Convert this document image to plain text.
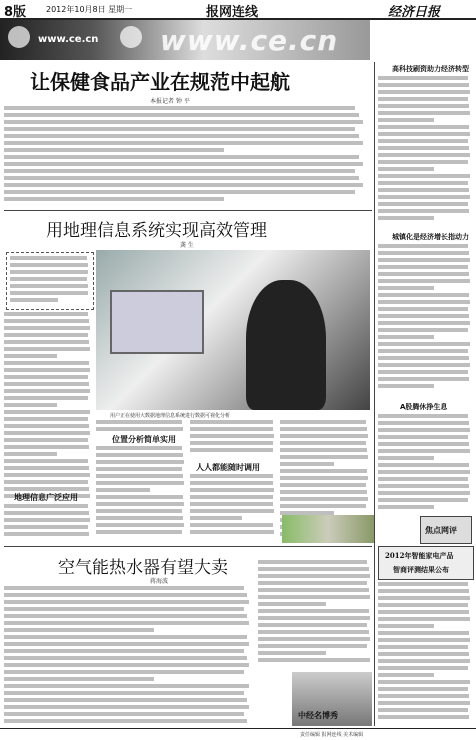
8版 2012年10月8日 星期一	报网连线	经济日报
www.ce.cn www.ce.cn
让保健食品产业在规范中起航
本报记者 钟 平
用地理信息系统实现高效管理
龚 生
用户正在使用大数据地理信息系统进行数据可视化分析
地理信息广泛应用
位置分析简单实用
人人都能随时调用
空气能热水器有望大卖
蒋海波
中经名博秀
高科技刷资助力经济转型
城镇化是经济增长指动力
A股腾休挣生息
焦点网评
2012年智能家电产品
智商评测结果公布
责任编辑 报网连线 美术编辑
